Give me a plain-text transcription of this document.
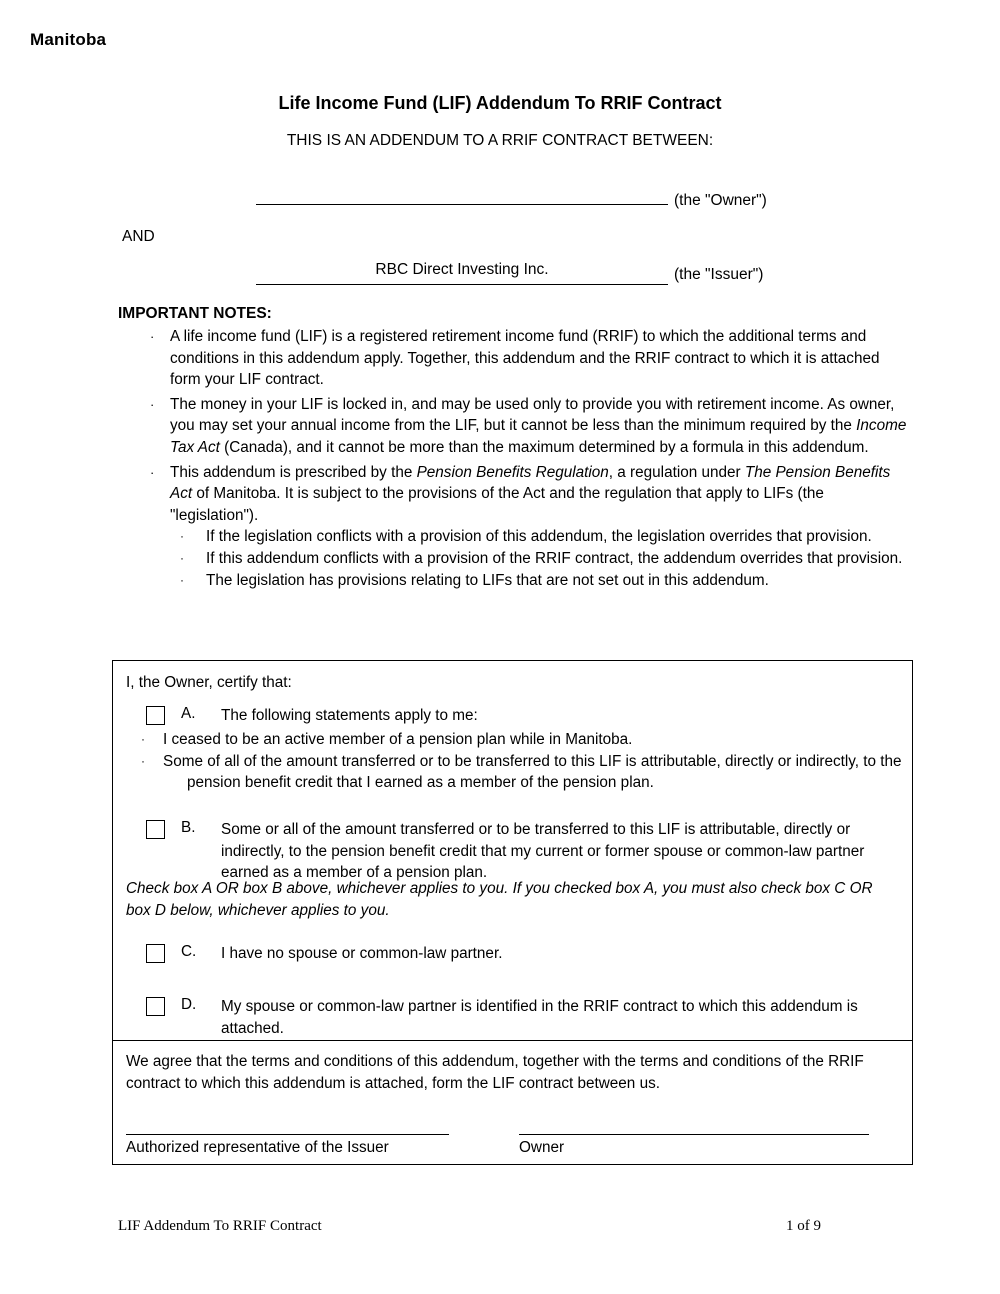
Manitoba
Life Income Fund (LIF) Addendum To RRIF Contract
THIS IS AN ADDENDUM TO A RRIF CONTRACT BETWEEN:
(the "Owner")
AND
RBC Direct Investing Inc.	(the "Issuer")
IMPORTANT NOTES:
· A life income fund (LIF) is a registered retirement income fund (RRIF) to which the additional terms and conditions in this addendum apply. Together, this addendum and the RRIF contract to which it is attached form your LIF contract.
· The money in your LIF is locked in, and may be used only to provide you with retirement income. As owner, you may set your annual income from the LIF, but it cannot be less than the minimum required by the Income Tax Act (Canada), and it cannot be more than the maximum determined by a formula in this addendum.
· This addendum is prescribed by the Pension Benefits Regulation, a regulation under The Pension Benefits Act of Manitoba. It is subject to the provisions of the Act and the regulation that apply to LIFs (the "legislation").
·	If the legislation conflicts with a provision of this addendum, the legislation overrides that provision.
·	If this addendum conflicts with a provision of the RRIF contract, the addendum overrides that provision.
·	The legislation has provisions relating to LIFs that are not set out in this addendum.
I, the Owner, certify that:
A. The following statements apply to me:
·	I ceased to be an active member of a pension plan while in Manitoba.
·	Some of all of the amount transferred or to be transferred to this LIF is attributable, directly or indirectly, to the pension benefit credit that I earned as a member of the pension plan.
B. Some or all of the amount transferred or to be transferred to this LIF is attributable, directly or indirectly, to the pension benefit credit that my current or former spouse or common-law partner earned as a member of a pension plan.
Check box A OR box B above, whichever applies to you. If you checked box A, you must also check box C OR box D below, whichever applies to you.
C. I have no spouse or common-law partner.
D. My spouse or common-law partner is identified in the RRIF contract to which this addendum is attached.
We agree that the terms and conditions of this addendum, together with the terms and conditions of the RRIF contract to which this addendum is attached, form the LIF contract between us.
Authorized representative of the Issuer	Owner
LIF Addendum To RRIF Contract	1 of 9
